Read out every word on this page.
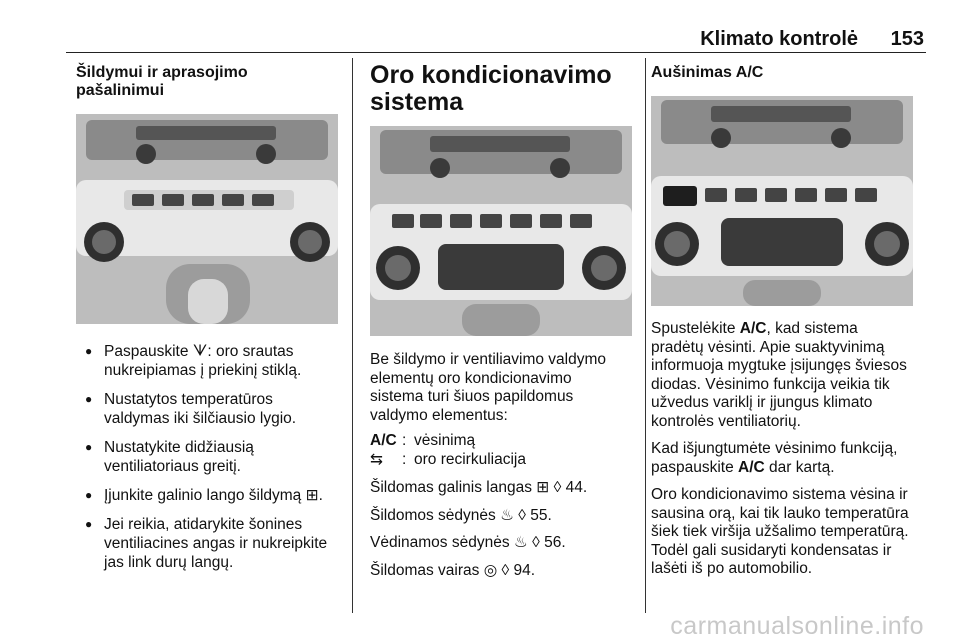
Klimato kontrolė 153
Šildymui ir aprasojimo
pašalinimui
● Paspauskite ᗐ: oro srautas
nukreipiamas į priekinį stiklą.
● Nustatytos temperatūros
valdymas iki šilčiausio lygio.
● Nustatykite didžiausią
ventiliatoriaus greitį.
● Įjunkite galinio lango šildymą ⊞.
● Jei reikia, atidarykite šonines
ventiliacines angas ir nukreipkite
jas link durų langų.
Oro kondicionavimo
sistema

Be šildymo ir ventiliavimo valdymo
elementų oro kondicionavimo
sistema turi šiuos papildomus
valdymo elementus:

A/C : vėsinimą
⇆	: oro recirkuliacija

Šildomas galinis langas ⊞ ◊ 44.

Šildomos sėdynės ♨ ◊ 55.

Vėdinamos sėdynės ♨ ◊ 56.

Šildomas vairas ◎ ◊ 94.

Aušinimas A/C

Spustelėkite A/C, kad sistema
pradėtų vėsinti. Apie suaktyvinimą
informuoja mygtuke įsijungęs šviesos
diodas. Vėsinimo funkcija veikia tik
užvedus variklį ir įjungus klimato
kontrolės ventiliatorių.

Kad išjungtumėte vėsinimo funkciją,
paspauskite A/C dar kartą.

Oro kondicionavimo sistema vėsina ir
sausina orą, kai tik lauko temperatūra
šiek tiek viršija užšalimo temperatūrą.
Todėl gali susidaryti kondensatas ir
lašėti iš po automobilio.

carmanualsonline.info
